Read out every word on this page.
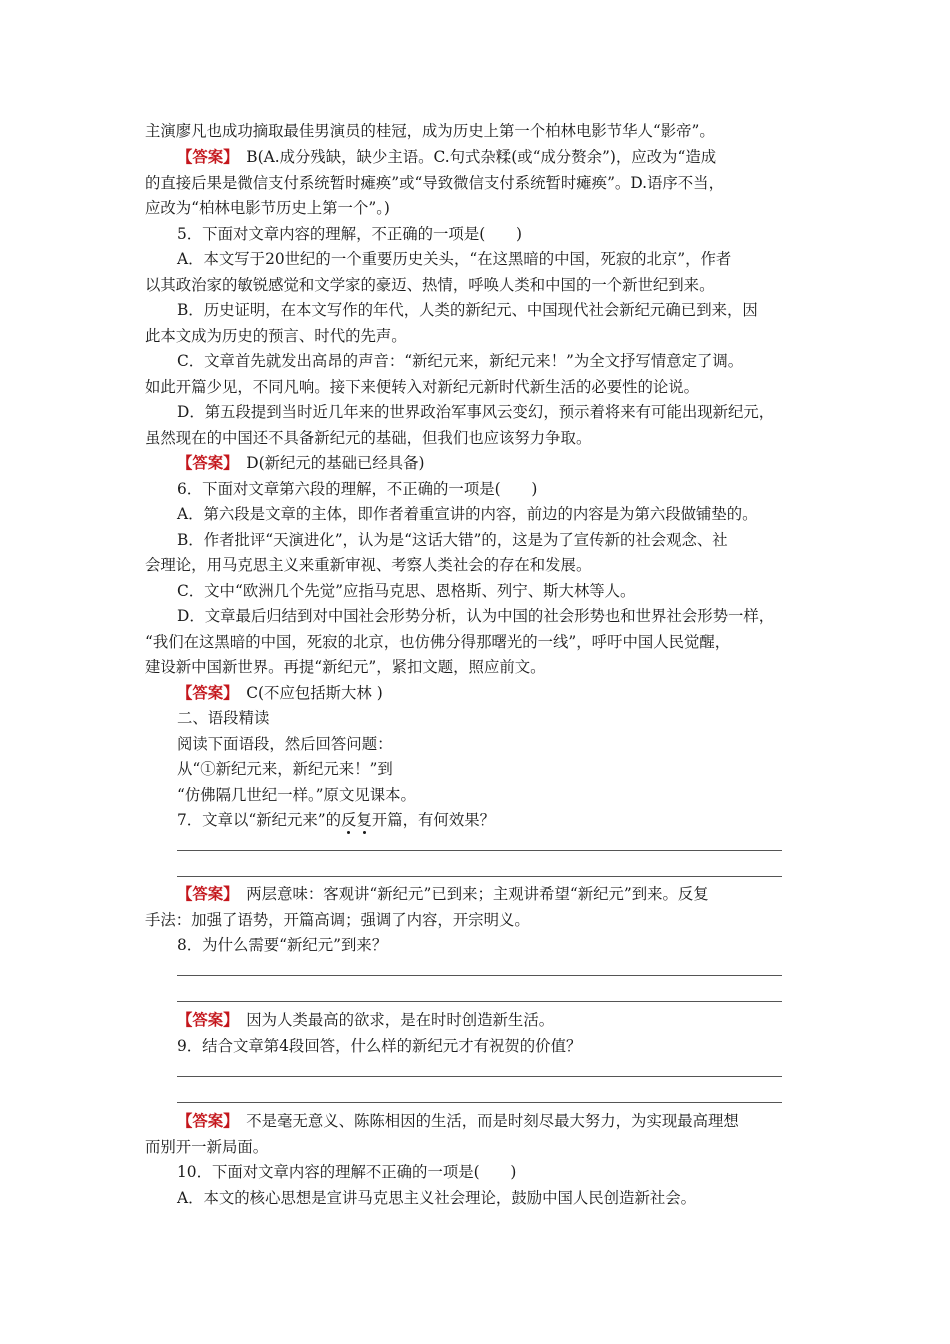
主演廖凡也成功摘取最佳男演员的桂冠，成为历史上第一个柏林电影节华人“影帝”。
【答案】　 B(A.成分残缺，缺少主语。C.句式杂糅(或“成分赘余”)，应改为“造成
的直接后果是微信支付系统暂时瘫痪”或“导致微信支付系统暂时瘫痪”。D.语序不当，
应改为“柏林电影节历史上第一个”。)
5．下面对文章内容的理解，不正确的一项是(　　)
A．本文写于20世纪的一个重要历史关头，“在这黑暗的中国，死寂的北京”，作者
以其政治家的敏锐感觉和文学家的豪迈、热情，呼唤人类和中国的一个新世纪到来。
B．历史证明，在本文写作的年代，人类的新纪元、中国现代社会新纪元确已到来，因
此本文成为历史的预言、时代的先声。
C．文章首先就发出高昂的声音：“新纪元来，新纪元来！”为全文抒写情意定了调。
如此开篇少见，不同凡响。接下来便转入对新纪元新时代新生活的必要性的论说。
D．第五段提到当时近几年来的世界政治军事风云变幻，预示着将来有可能出现新纪元，
虽然现在的中国还不具备新纪元的基础，但我们也应该努力争取。
【答案】　 D(新纪元的基础已经具备)
6．下面对文章第六段的理解，不正确的一项是(　　)
A．第六段是文章的主体，即作者着重宣讲的内容，前边的内容是为第六段做铺垫的。
B．作者批评“天演进化”，认为是“这话大错”的，这是为了宣传新的社会观念、社
会理论，用马克思主义来重新审视、考察人类社会的存在和发展。
C．文中“欧洲几个先觉”应指马克思、恩格斯、列宁、斯大林等人。
D．文章最后归结到对中国社会形势分析，认为中国的社会形势也和世界社会形势一样，
“我们在这黑暗的中国，死寂的北京，也仿佛分得那曙光的一线”，呼吁中国人民觉醒，
建设新中国新世界。再提“新纪元”，紧扣文题，照应前文。
【答案】　 C(不应包括斯大林 )
二、语段精读
阅读下面语段，然后回答问题：
从“①新纪元来，新纪元来！”到
“仿佛隔几世纪一样。”原文见课本。
7．文章以“新纪元来”的反复开篇，有何效果？
【答案】　 两层意味：客观讲“新纪元”已到来；主观讲希望“新纪元”到来。反复
手法：加强了语势，开篇高调；强调了内容，开宗明义。
8．为什么需要“新纪元”到来？
【答案】　 因为人类最高的欲求，是在时时创造新生活。
9．结合文章第4段回答，什么样的新纪元才有祝贺的价值？
【答案】　 不是毫无意义、陈陈相因的生活，而是时刻尽最大努力，为实现最高理想
而别开一新局面。
10．下面对文章内容的理解不正确的一项是(　　)
A．本文的核心思想是宣讲马克思主义社会理论，鼓励中国人民创造新社会。
